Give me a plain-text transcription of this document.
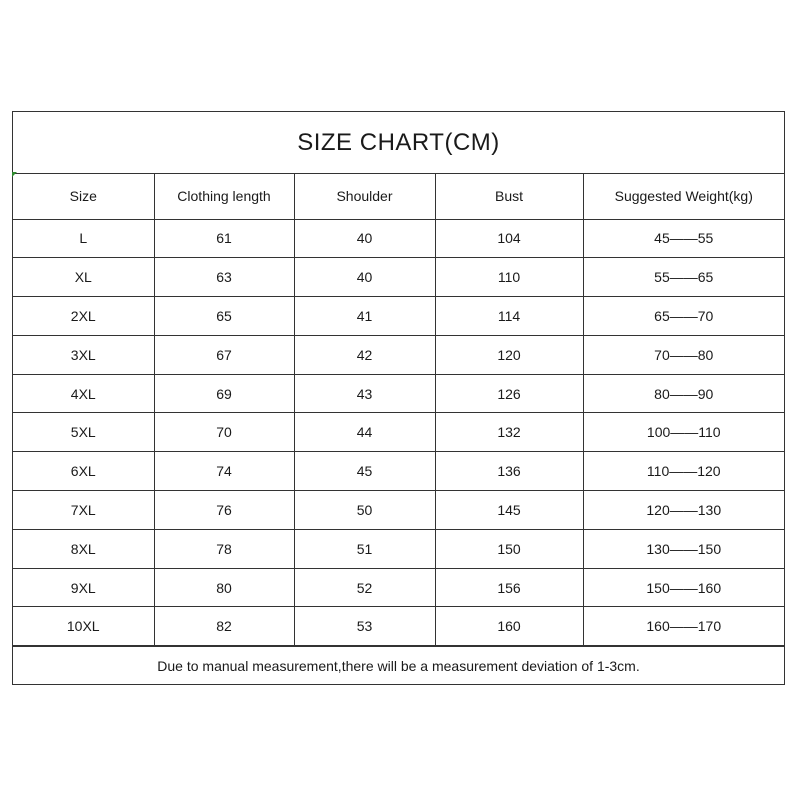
SIZE CHART(CM)
Size	Clothing length	Shoulder	Bust	Suggested Weight(kg)
L	61	40	104	45——55
XL	63	40	110	55——65
2XL	65	41	114	65——70
3XL	67	42	120	70——80
4XL	69	43	126	80——90
5XL	70	44	132	100——110
6XL	74	45	136	110——120
7XL	76	50	145	120——130
8XL	78	51	150	130——150
9XL	80	52	156	150——160
10XL	82	53	160	160——170
Due to manual measurement,there will be a measurement deviation of 1-3cm.
